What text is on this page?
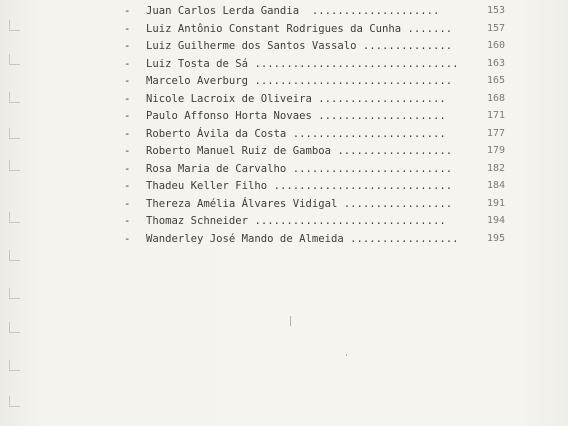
- Juan Carlos Lerda Gandia  ....................	153
- Luiz Antônio Constant Rodrigues da Cunha .......	157
- Luiz Guilherme dos Santos Vassalo ..............	160
- Luiz Tosta de Sá ................................	163
- Marcelo Averburg ...............................	165
- Nicole Lacroix de Oliveira ....................	168
- Paulo Affonso Horta Novaes ....................	171
- Roberto Ávila da Costa ........................	177
- Roberto Manuel Ruiz de Gamboa ..................	179
- Rosa Maria de Carvalho .........................	182
- Thadeu Keller Filho ............................	184
- Thereza Amélia Álvares Vidigal .................	191
- Thomaz Schneider ..............................	194
- Wanderley José Mando de Almeida .................	195
